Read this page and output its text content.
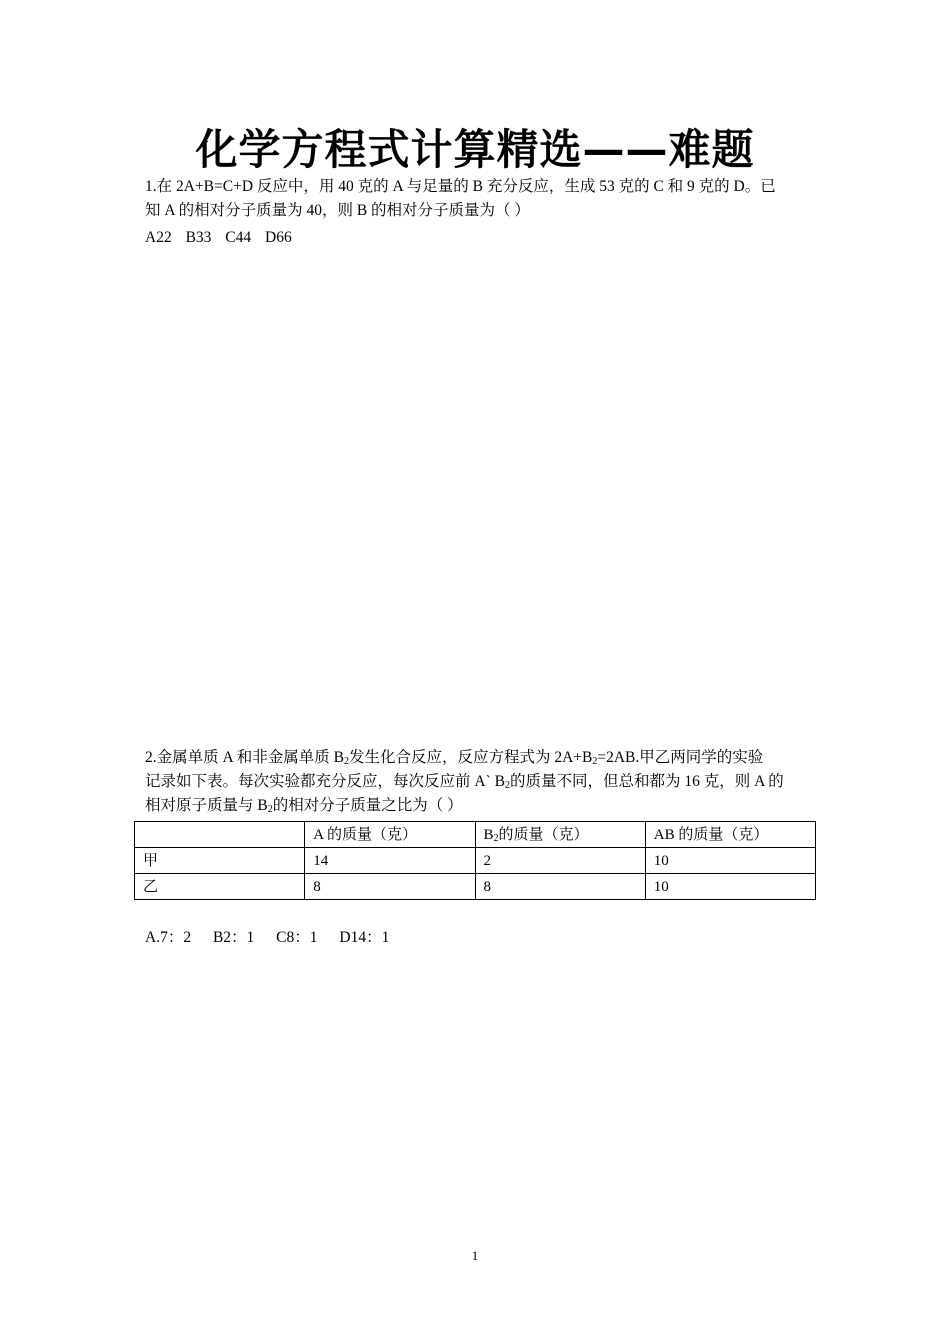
化学方程式计算精选——难题
1.在 2A+B=C+D 反应中，用 40 克的 A 与足量的 B 充分反应，生成 53 克的 C 和 9 克的 D。已
知 A 的相对分子质量为 40，则 B 的相对分子质量为（ ）
A22 B33 C44 D66
2.金属单质 A 和非金属单质 $B_2$发生化合反应，反应方程式为 $2A+B_2=2AB$.甲乙两同学的实验
记录如下表。每次实验都充分反应，每次反应前 A` $B_2$的质量不同，但总和都为 16 克，则 A 的
相对原子质量与 $B_2$的相对分子质量之比为（ ）
	A 的质量（克）	$B_2$的质量（克）	AB 的质量（克）
甲	14	2	10
乙	8	8	10
A.7：2 B2：1 C8：1 D14：1
1
